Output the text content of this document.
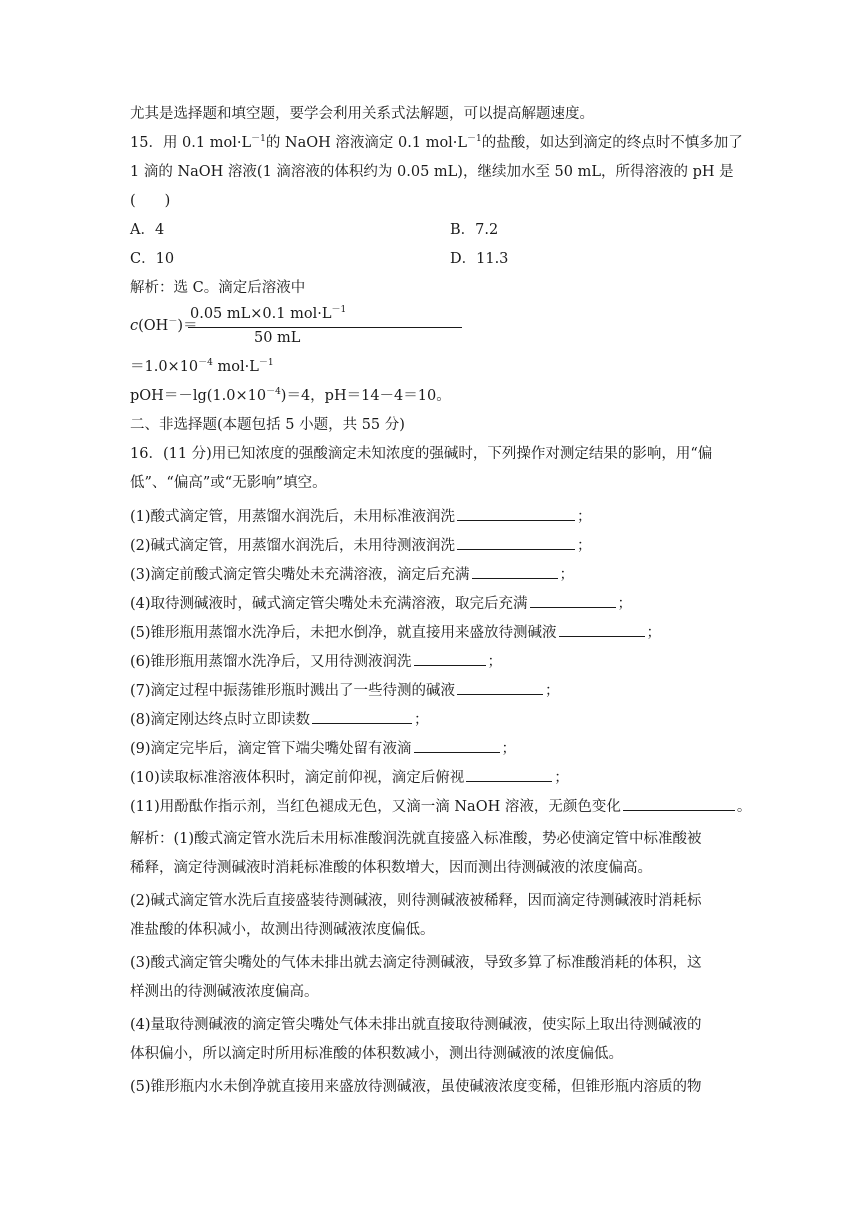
尤其是选择题和填空题，要学会利用关系式法解题，可以提高解题速度。
15．用 0.1 $mol\cdot L^{-1}$的 NaOH 溶液滴定 0.1 $mol\cdot L^{-1}$的盐酸，如达到滴定的终点时不慎多加了
1 滴的 NaOH 溶液(1 滴溶液的体积约为 0.05 mL)，继续加水至 50 mL，所得溶液的 pH 是
(　　)
A．4	B．7.2
C．10	D．11.3
解析：选 C。滴定后溶液中
c(OH－)＝
0.05 mL×0.1 $mol\cdot L^{-1}$
50 mL
$=1.0\times 10^{-4}$ $mol\cdot L^{-1}$
$pOH=-\lg(1.0\times 10^{-4})=4$，pH＝14－4＝10。
二、非选择题(本题包括 5 小题，共 55 分)
16．(11 分)用已知浓度的强酸滴定未知浓度的强碱时，下列操作对测定结果的影响，用“偏
低”、“偏高”或“无影响”填空。
(1)酸式滴定管，用蒸馏水润洗后，未用标准液润洗	；
(2)碱式滴定管，用蒸馏水润洗后，未用待测液润洗	；
(3)滴定前酸式滴定管尖嘴处未充满溶液，滴定后充满	；
(4)取待测碱液时，碱式滴定管尖嘴处未充满溶液，取完后充满	；
(5)锥形瓶用蒸馏水洗净后，未把水倒净，就直接用来盛放待测碱液	；
(6)锥形瓶用蒸馏水洗净后，又用待测液润洗	；
(7)滴定过程中振荡锥形瓶时溅出了一些待测的碱液	；
(8)滴定刚达终点时立即读数	；
(9)滴定完毕后，滴定管下端尖嘴处留有液滴	；
(10)读取标准溶液体积时，滴定前仰视，滴定后俯视	；
(11)用酚酞作指示剂，当红色褪成无色，又滴一滴 NaOH 溶液，无颜色变化	。
解析：(1)酸式滴定管水洗后未用标准酸润洗就直接盛入标准酸，势必使滴定管中标准酸被
稀释，滴定待测碱液时消耗标准酸的体积数增大，因而测出待测碱液的浓度偏高。
(2)碱式滴定管水洗后直接盛装待测碱液，则待测碱液被稀释，因而滴定待测碱液时消耗标
准盐酸的体积减小，故测出待测碱液浓度偏低。
(3)酸式滴定管尖嘴处的气体未排出就去滴定待测碱液，导致多算了标准酸消耗的体积，这
样测出的待测碱液浓度偏高。
(4)量取待测碱液的滴定管尖嘴处气体未排出就直接取待测碱液，使实际上取出待测碱液的
体积偏小，所以滴定时所用标准酸的体积数减小，测出待测碱液的浓度偏低。
(5)锥形瓶内水未倒净就直接用来盛放待测碱液，虽使碱液浓度变稀，但锥形瓶内溶质的物
